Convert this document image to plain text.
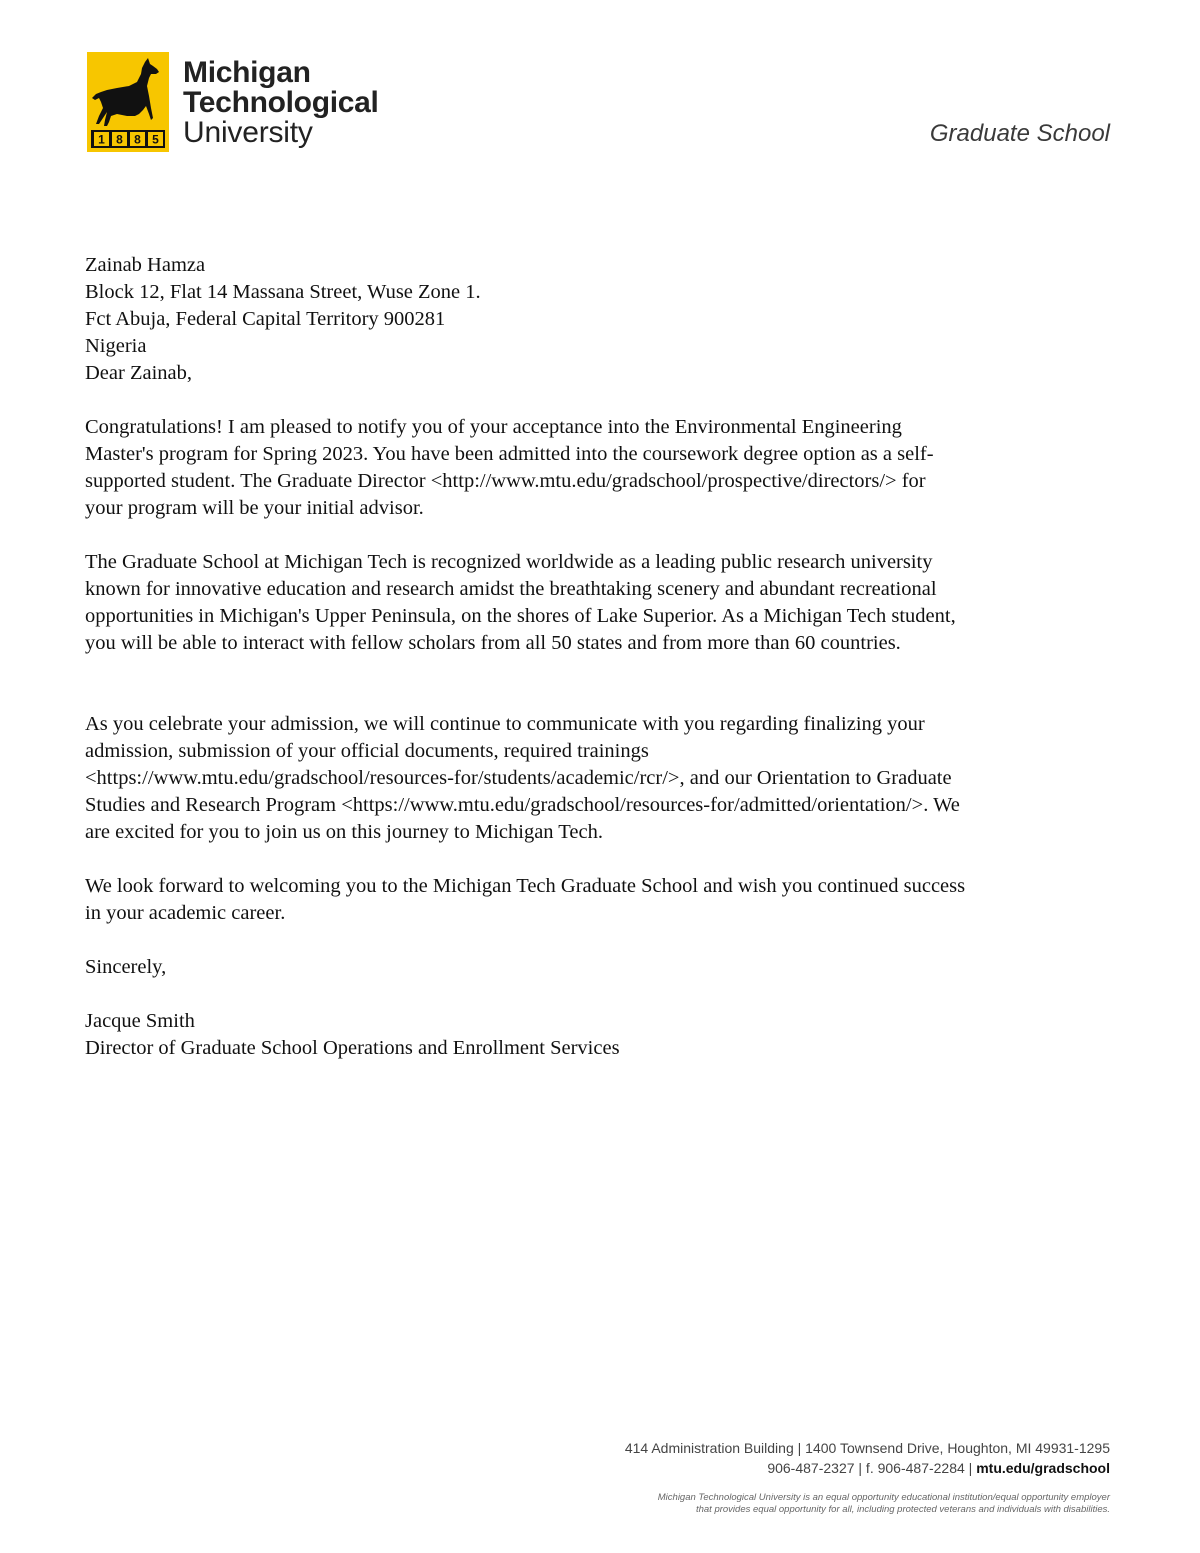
1 8 8 5
Michigan
Technological
University	Graduate School
Zainab Hamza
Block 12, Flat 14 Massana Street, Wuse Zone 1.
Fct Abuja, Federal Capital Territory 900281
Nigeria
Dear Zainab,

Congratulations! I am pleased to notify you of your acceptance into the Environmental Engineering
Master's program for Spring 2023. You have been admitted into the coursework degree option as a self-
supported student. The Graduate Director <http://www.mtu.edu/gradschool/prospective/directors/> for
your program will be your initial advisor.

The Graduate School at Michigan Tech is recognized worldwide as a leading public research university
known for innovative education and research amidst the breathtaking scenery and abundant recreational
opportunities in Michigan's Upper Peninsula, on the shores of Lake Superior. As a Michigan Tech student,
you will be able to interact with fellow scholars from all 50 states and from more than 60 countries.

As you celebrate your admission, we will continue to communicate with you regarding finalizing your
admission, submission of your official documents, required trainings
<https://www.mtu.edu/gradschool/resources-for/students/academic/rcr/>, and our Orientation to Graduate
Studies and Research Program <https://www.mtu.edu/gradschool/resources-for/admitted/orientation/>. We
are excited for you to join us on this journey to Michigan Tech.

We look forward to welcoming you to the Michigan Tech Graduate School and wish you continued success
in your academic career.

Sincerely,
Jacque Smith
Director of Graduate School Operations and Enrollment Services
414 Administration Building | 1400 Townsend Drive, Houghton, MI 49931-1295
906-487-2327 | f. 906-487-2284 | mtu.edu/gradschool
Michigan Technological University is an equal opportunity educational institution/equal opportunity employer
that provides equal opportunity for all, including protected veterans and individuals with disabilities.
